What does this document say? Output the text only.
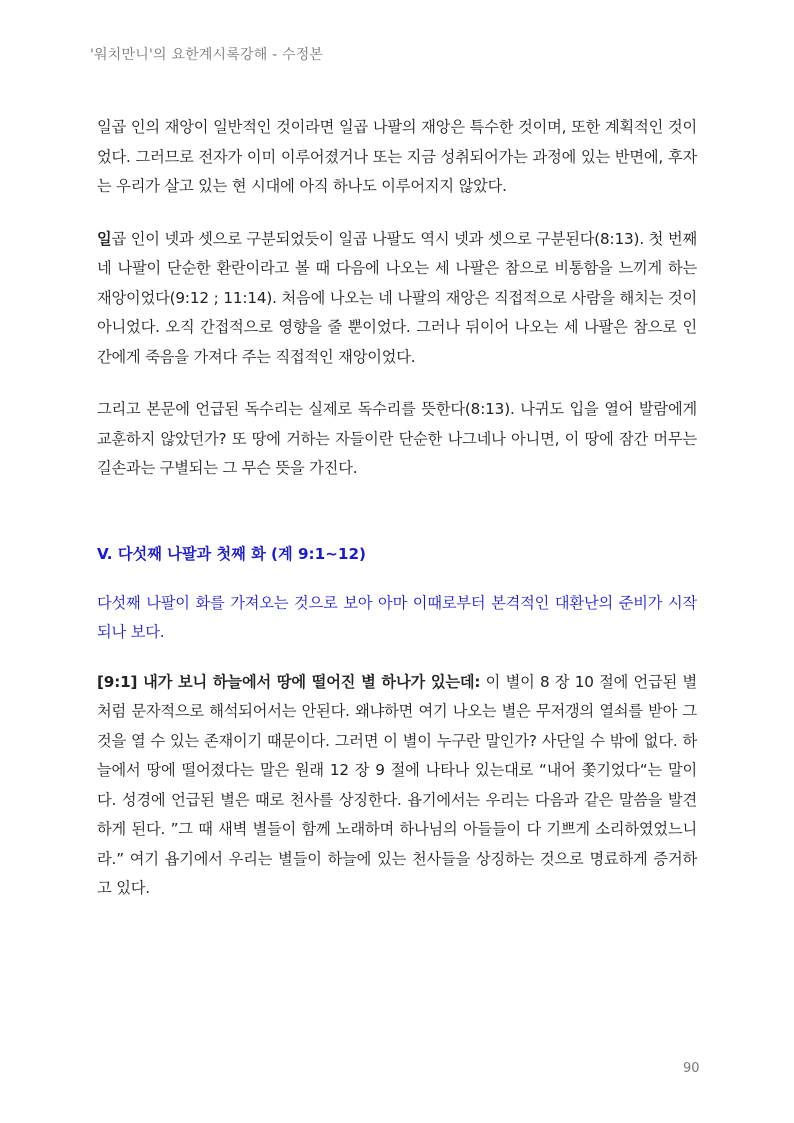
'워치만니'의 요한계시록강해 - 수정본

일곱 인의 재앙이 일반적인 것이라면 일곱 나팔의 재앙은 특수한 것이며, 또한 계획적인 것이었다. 그러므로 전자가 이미 이루어졌거나 또는 지금 성취되어가는 과정에 있는 반면에, 후자는 우리가 살고 있는 현 시대에 아직 하나도 이루어지지 않았다.

일곱 인이 넷과 셋으로 구분되었듯이 일곱 나팔도 역시 넷과 셋으로 구분된다(8:13). 첫 번째 네 나팔이 단순한 환란이라고 볼 때 다음에 나오는 세 나팔은 참으로 비통함을 느끼게 하는 재앙이었다(9:12 ; 11:14). 처음에 나오는 네 나팔의 재앙은 직접적으로 사람을 해치는 것이 아니었다. 오직 간접적으로 영향을 줄 뿐이었다. 그러나 뒤이어 나오는 세 나팔은 참으로 인간에게 죽음을 가져다 주는 직접적인 재앙이었다.

그리고 본문에 언급된 독수리는 실제로 독수리를 뜻한다(8:13). 나귀도 입을 열어 발람에게 교훈하지 않았던가? 또 땅에 거하는 자들이란 단순한 나그네나 아니면, 이 땅에 잠간 머무는 길손과는 구별되는 그 무슨 뜻을 가진다.

V. 다섯째 나팔과 첫째 화 (계 9:1~12)

다섯째 나팔이 화를 가져오는 것으로 보아 아마 이때로부터 본격적인 대환난의 준비가 시작되나 보다.

[9:1] 내가 보니 하늘에서 땅에 떨어진 별 하나가 있는데: 이 별이 8 장 10 절에 언급된 별처럼 문자적으로 해석되어서는 안된다. 왜냐하면 여기 나오는 별은 무저갱의 열쇠를 받아 그것을 열 수 있는 존재이기 때문이다. 그러면 이 별이 누구란 말인가? 사단일 수 밖에 없다. 하늘에서 땅에 떨어졌다는 말은 원래 12 장 9 절에 나타나 있는대로 “내어 쫓기었다“는 말이다. 성경에 언급된 별은 때로 천사를 상징한다. 욥기에서는 우리는 다음과 같은 말씀을 발견하게 된다. ”그 때 새벽 별들이 함께 노래하며 하나님의 아들들이 다 기쁘게 소리하였었느니라.” 여기 욥기에서 우리는 별들이 하늘에 있는 천사들을 상징하는 것으로 명료하게 증거하고 있다.

90
